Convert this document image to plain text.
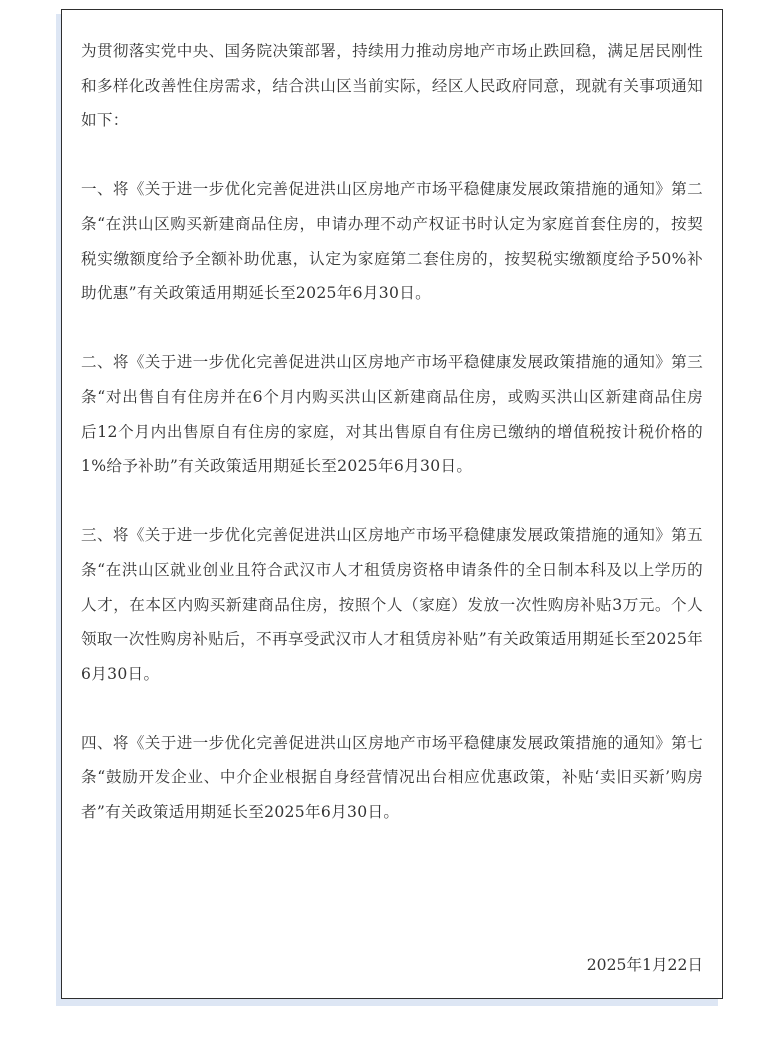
为贯彻落实党中央、国务院决策部署，持续用力推动房地产市场止跌回稳，满足居民刚性和多样化改善性住房需求，结合洪山区当前实际，经区人民政府同意，现就有关事项通知如下：

一、将《关于进一步优化完善促进洪山区房地产市场平稳健康发展政策措施的通知》第二条“在洪山区购买新建商品住房，申请办理不动产权证书时认定为家庭首套住房的，按契税实缴额度给予全额补助优惠，认定为家庭第二套住房的，按契税实缴额度给予50%补助优惠”有关政策适用期延长至2025年6月30日。

二、将《关于进一步优化完善促进洪山区房地产市场平稳健康发展政策措施的通知》第三条“对出售自有住房并在6个月内购买洪山区新建商品住房，或购买洪山区新建商品住房后12个月内出售原自有住房的家庭，对其出售原自有住房已缴纳的增值税按计税价格的1%给予补助”有关政策适用期延长至2025年6月30日。

三、将《关于进一步优化完善促进洪山区房地产市场平稳健康发展政策措施的通知》第五条“在洪山区就业创业且符合武汉市人才租赁房资格申请条件的全日制本科及以上学历的人才，在本区内购买新建商品住房，按照个人（家庭）发放一次性购房补贴3万元。个人领取一次性购房补贴后，不再享受武汉市人才租赁房补贴”有关政策适用期延长至2025年6月30日。

四、将《关于进一步优化完善促进洪山区房地产市场平稳健康发展政策措施的通知》第七条“鼓励开发企业、中介企业根据自身经营情况出台相应优惠政策，补贴‘卖旧买新’购房者”有关政策适用期延长至2025年6月30日。

2025年1月22日
